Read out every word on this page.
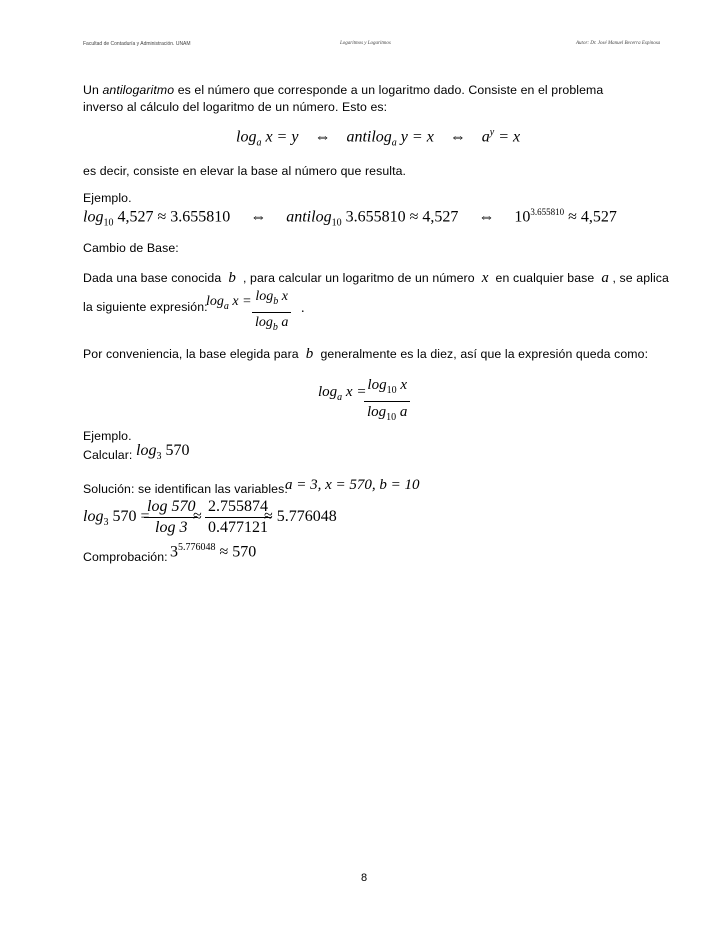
Facultad de Contaduría y Administración. UNAM	Logaritmos y Logaritmos	Autor: Dr. José Manuel Becerra Espinosa
Un antilogaritmo es el número que corresponde a un logaritmo dado. Consiste en el problema inverso al cálculo del logaritmo de un número. Esto es:
$\log_a x = y$ ⇔ antilog$_a$ y = x ⇔ $a^y = x$
es decir, consiste en elevar la base al número que resulta.
Ejemplo.
$\log_{10} 4,527 \approx 3.655810$ ⇔ antilog$_{10}$ 3.655810 ≈ 4,527 ⇔ $10^{3.655810} \approx 4,527$
Cambio de Base:
Dada una base conocida b , para calcular un logaritmo de un número x en cualquier base a , se aplica
la siguiente expresión:
$\log_a x = \frac{\log_b x}{\log_b a}$ .
Por conveniencia, la base elegida para b generalmente es la diez, así que la expresión queda como:
$\log_a x$ =
$\frac{\log_{10} x}{\log_{10} a}$
Ejemplo.
Calcular: $\log_3 570$
Solución: se identifican las variables:
a = 3, x = 570, b = 10
$\log_3 570$ =
$\frac{\log 570}{\log 3}$
≈ $\frac{2.755874}{0.477121}$
≈ 5.776048
Comprobación: $3^{5.776048} \approx 570$
8
